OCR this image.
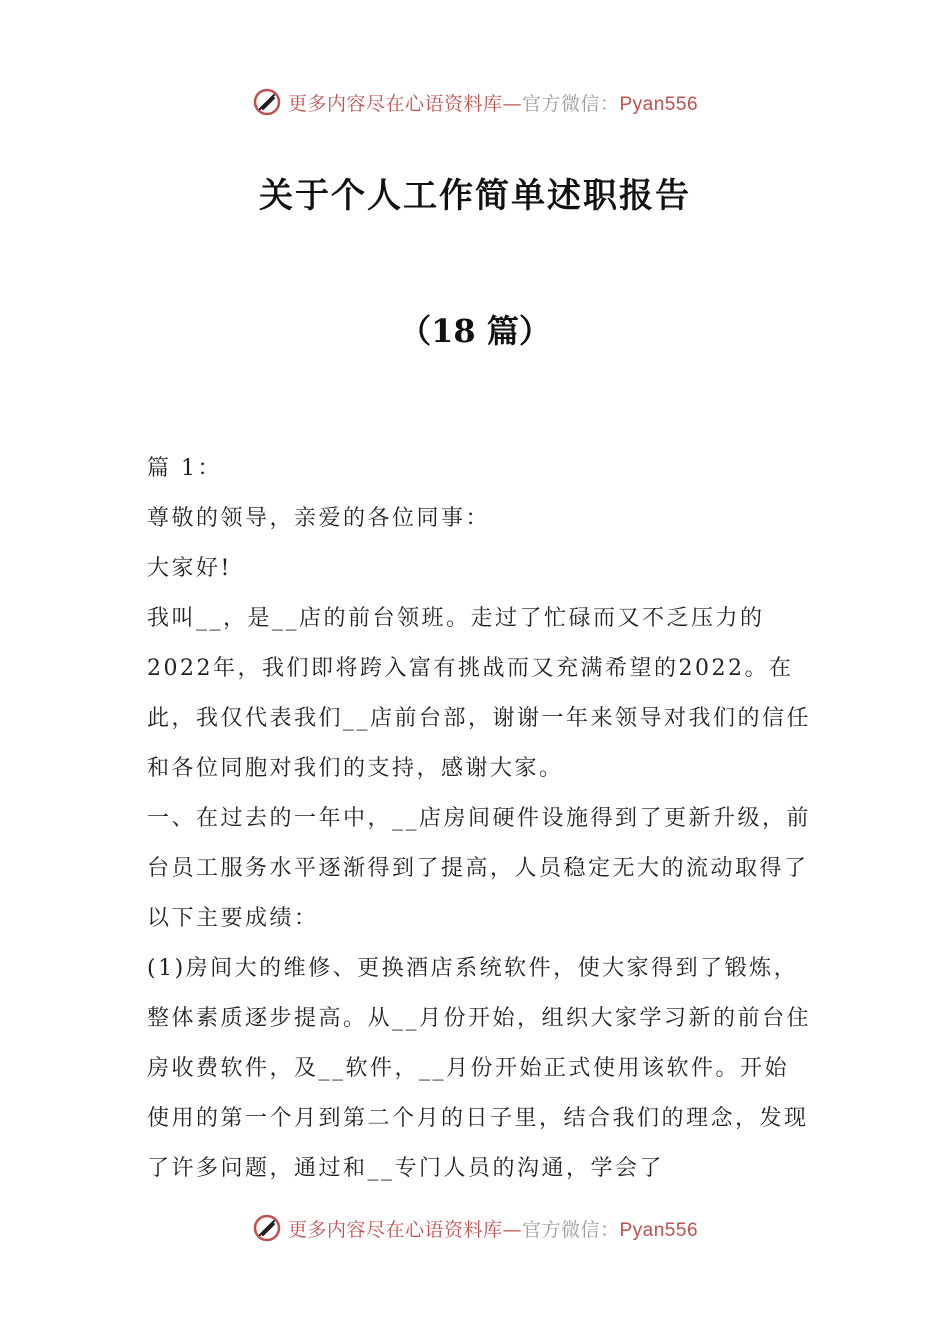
更多内容尽在心语资料库—官方微信：Pyan556
关于个人工作简单述职报告
（18 篇）

篇 1：

尊敬的领导，亲爱的各位同事：

大家好!

我叫__，是__店的前台领班。走过了忙碌而又不乏压力的2022年，我们即将跨入富有挑战而又充满希望的2022。在此，我仅代表我们__店前台部，谢谢一年来领导对我们的信任和各位同胞对我们的支持，感谢大家。

一、在过去的一年中，__店房间硬件设施得到了更新升级，前台员工服务水平逐渐得到了提高，人员稳定无大的流动取得了以下主要成绩：

(1)房间大的维修、更换酒店系统软件，使大家得到了锻炼，整体素质逐步提高。从__月份开始，组织大家学习新的前台住房收费软件，及__软件，__月份开始正式使用该软件。开始使用的第一个月到第二个月的日子里，结合我们的理念，发现了许多问题，通过和__专门人员的沟通，学会了

更多内容尽在心语资料库—官方微信：Pyan556
